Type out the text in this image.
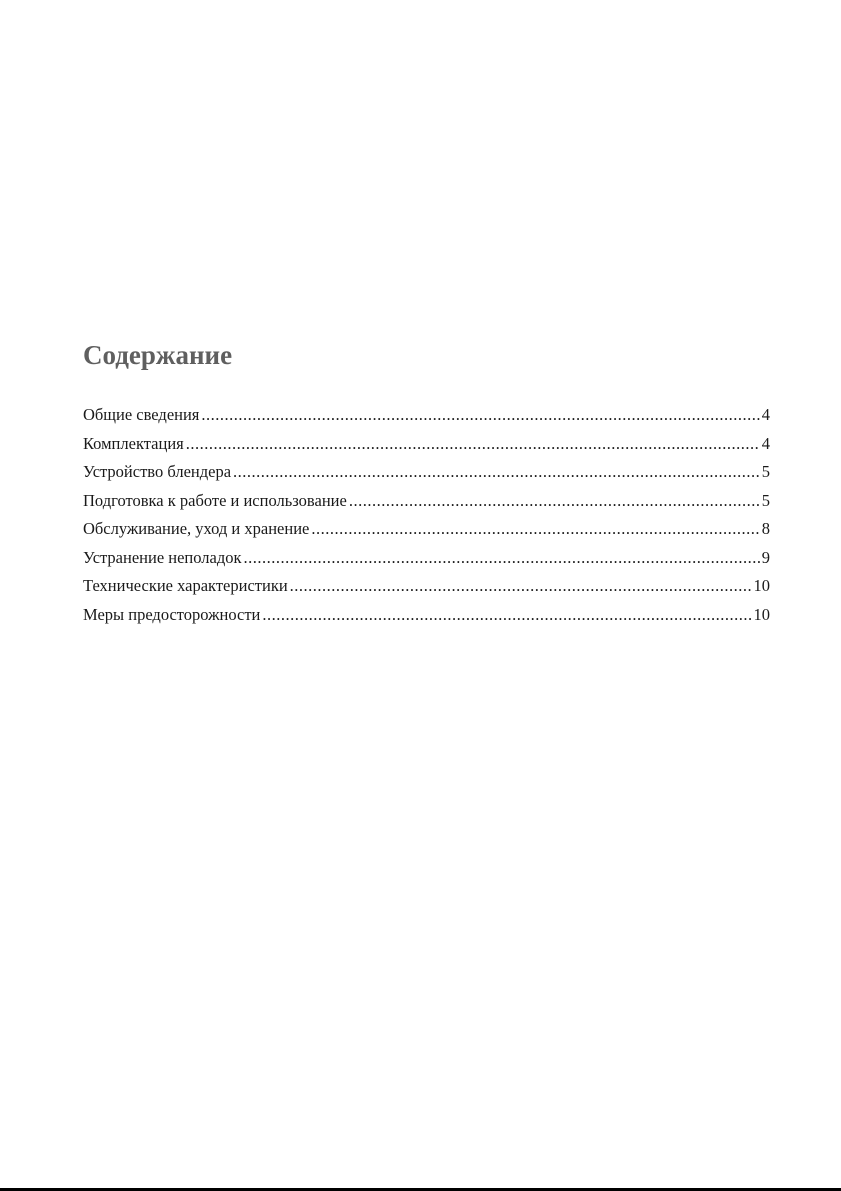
Содержание
Общие сведения .....	4
Комплектация .....	4
Устройство блендера .....	5
Подготовка к работе и использование .....	5
Обслуживание, уход и хранение .....	8
Устранение неполадок .....	9
Технические характеристики .....	10
Меры предосторожности .....	10
